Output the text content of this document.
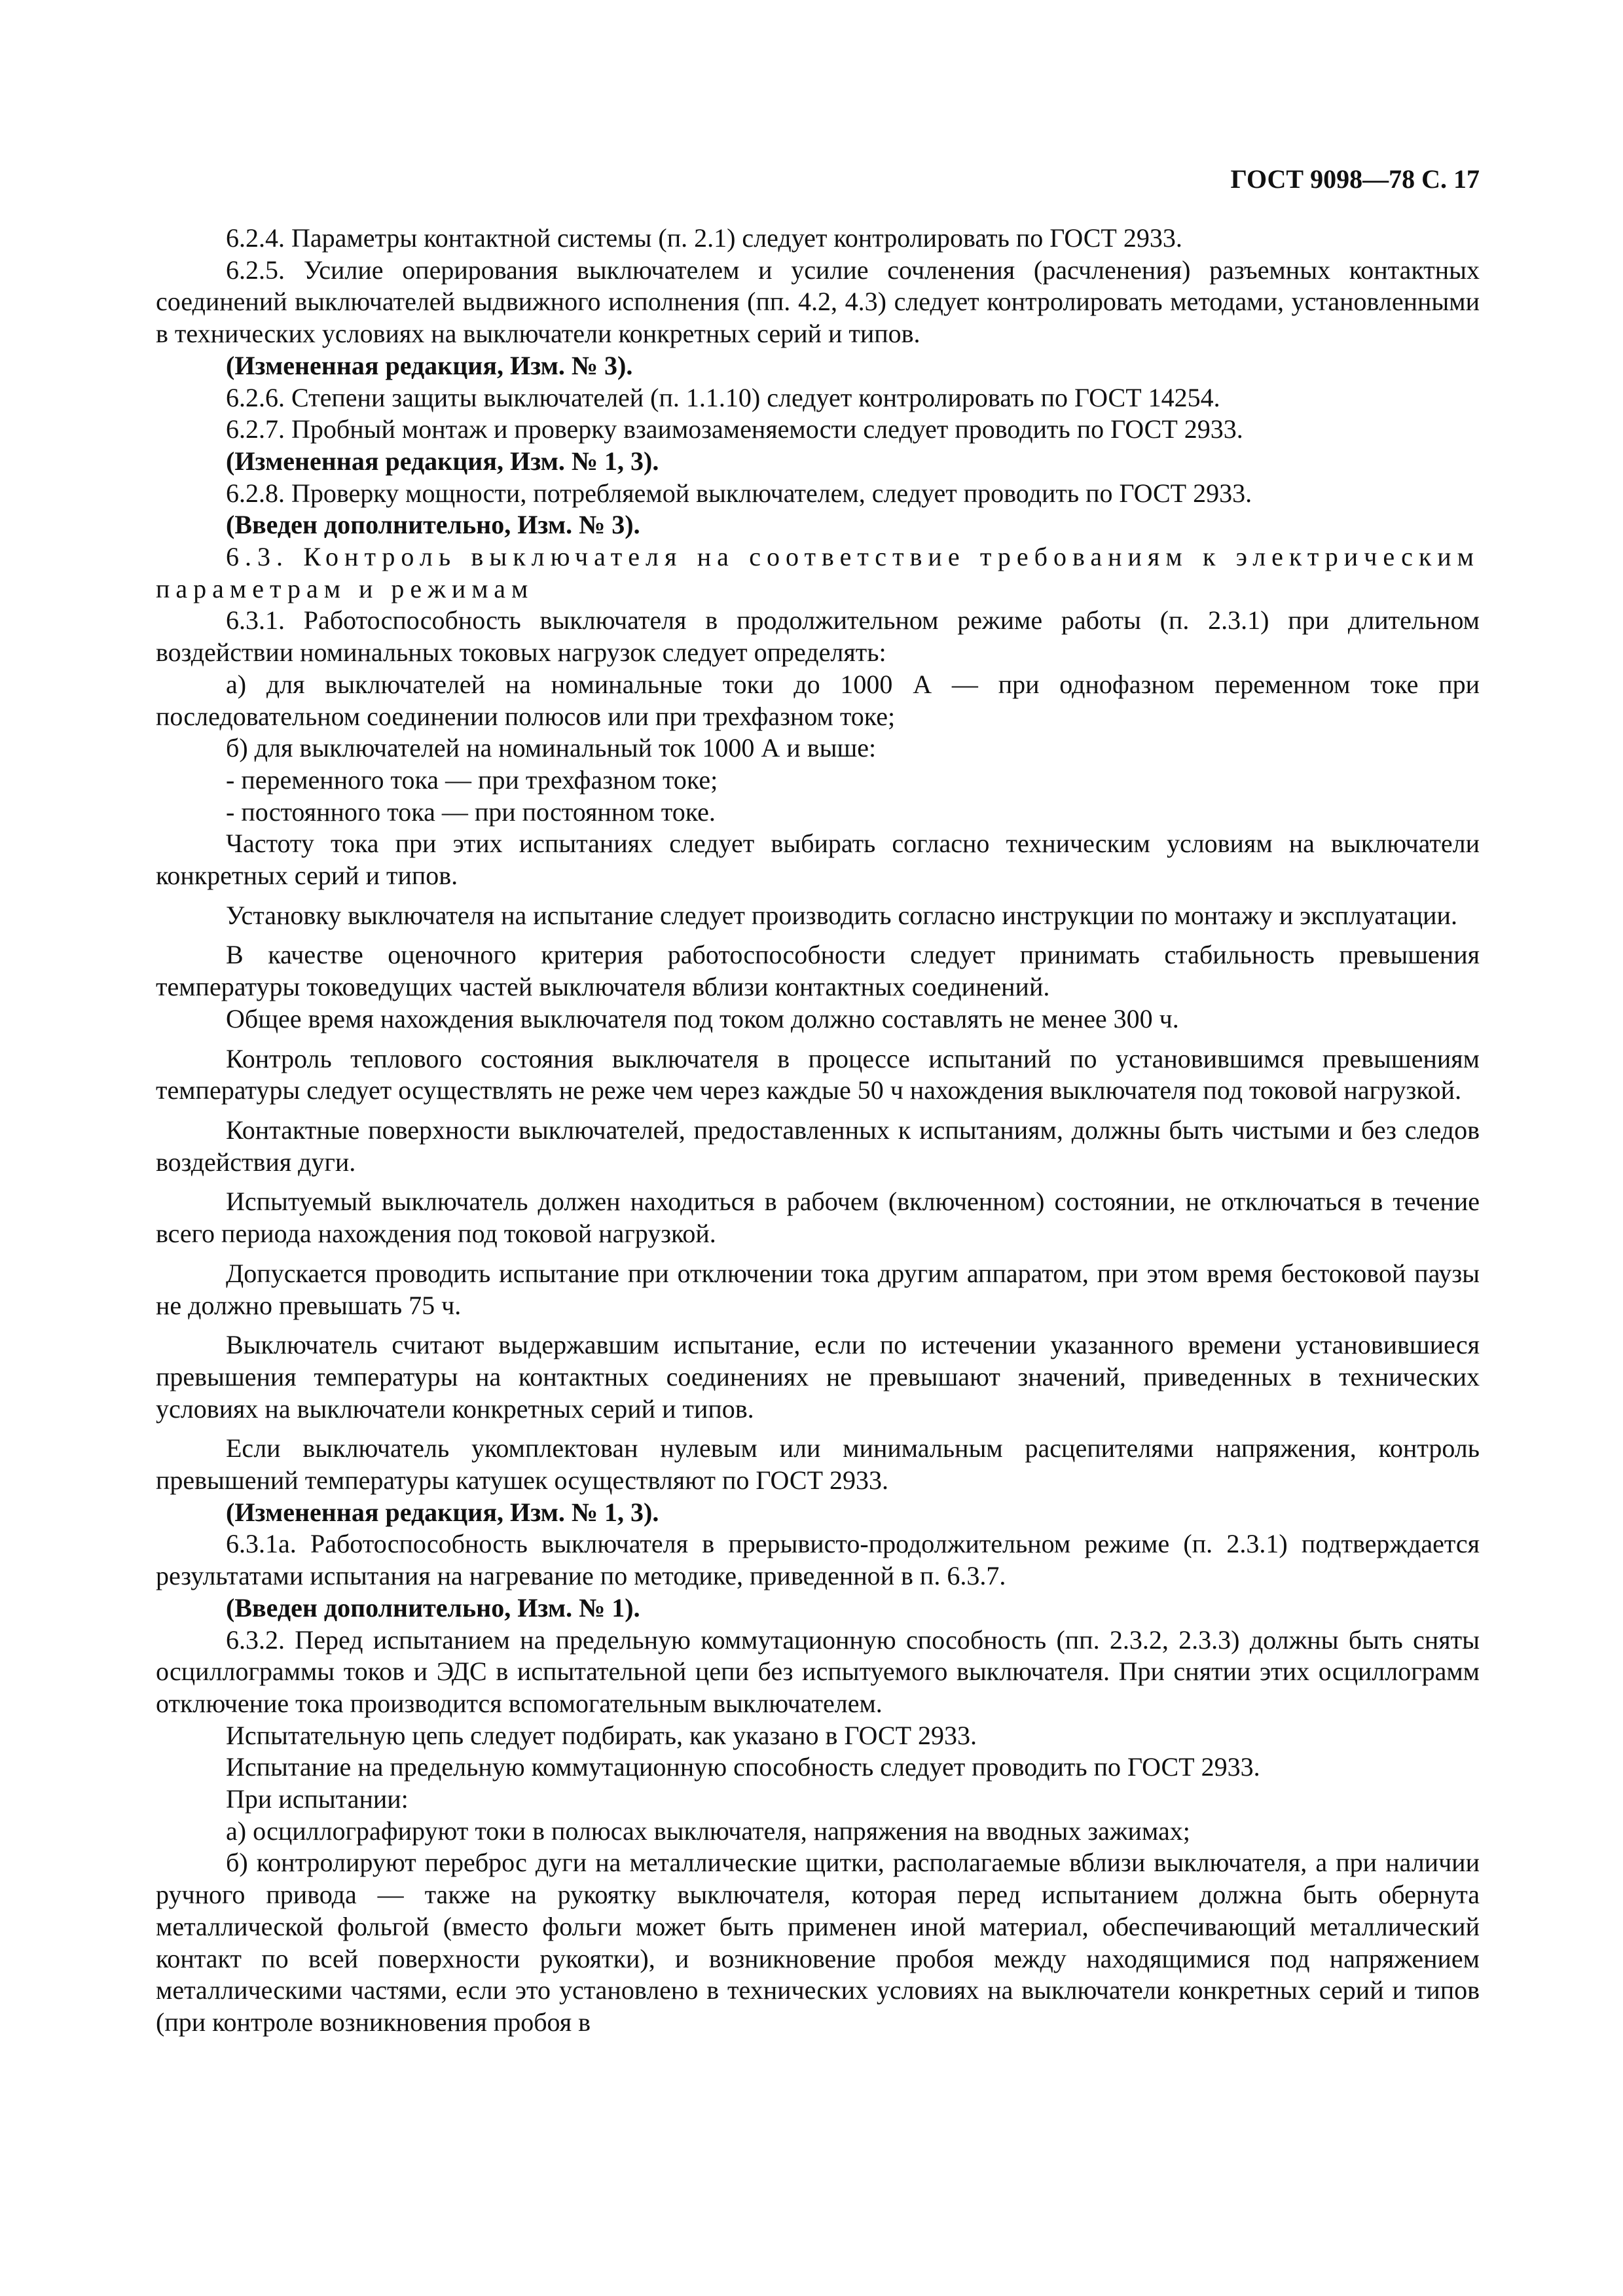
ГОСТ 9098—78 С. 17

6.2.4. Параметры контактной системы (п. 2.1) следует контролировать по ГОСТ 2933.

6.2.5. Усилие оперирования выключателем и усилие сочленения (расчленения) разъемных контактных соединений выключателей выдвижного исполнения (пп. 4.2, 4.3) следует контролировать методами, установленными в технических условиях на выключатели конкретных серий и типов.

(Измененная редакция, Изм. № 3).

6.2.6. Степени защиты выключателей (п. 1.1.10) следует контролировать по ГОСТ 14254.

6.2.7. Пробный монтаж и проверку взаимозаменяемости следует проводить по ГОСТ 2933.

(Измененная редакция, Изм. № 1, 3).

6.2.8. Проверку мощности, потребляемой выключателем, следует проводить по ГОСТ 2933.

(Введен дополнительно, Изм. № 3).

6.3. Контроль выключателя на соответствие требованиям к электрическим параметрам и режимам

6.3.1. Работоспособность выключателя в продолжительном режиме работы (п. 2.3.1) при длительном воздействии номинальных токовых нагрузок следует определять:

а) для выключателей на номинальные токи до 1000 А — при однофазном переменном токе при последовательном соединении полюсов или при трехфазном токе;

б) для выключателей на номинальный ток 1000 А и выше:

- переменного тока — при трехфазном токе;

- постоянного тока — при постоянном токе.

Частоту тока при этих испытаниях следует выбирать согласно техническим условиям на выключатели конкретных серий и типов.

Установку выключателя на испытание следует производить согласно инструкции по монтажу и эксплуатации.

В качестве оценочного критерия работоспособности следует принимать стабильность превышения температуры токоведущих частей выключателя вблизи контактных соединений.

Общее время нахождения выключателя под током должно составлять не менее 300 ч.

Контроль теплового состояния выключателя в процессе испытаний по установившимся превышениям температуры следует осуществлять не реже чем через каждые 50 ч нахождения выключателя под токовой нагрузкой.

Контактные поверхности выключателей, предоставленных к испытаниям, должны быть чистыми и без следов воздействия дуги.

Испытуемый выключатель должен находиться в рабочем (включенном) состоянии, не отключаться в течение всего периода нахождения под токовой нагрузкой.

Допускается проводить испытание при отключении тока другим аппаратом, при этом время бестоковой паузы не должно превышать 75 ч.

Выключатель считают выдержавшим испытание, если по истечении указанного времени установившиеся превышения температуры на контактных соединениях не превышают значений, приведенных в технических условиях на выключатели конкретных серий и типов.

Если выключатель укомплектован нулевым или минимальным расцепителями напряжения, контроль превышений температуры катушек осуществляют по ГОСТ 2933.

(Измененная редакция, Изм. № 1, 3).

6.3.1а. Работоспособность выключателя в прерывисто-продолжительном режиме (п. 2.3.1) подтверждается результатами испытания на нагревание по методике, приведенной в п. 6.3.7.

(Введен дополнительно, Изм. № 1).

6.3.2. Перед испытанием на предельную коммутационную способность (пп. 2.3.2, 2.3.3) должны быть сняты осциллограммы токов и ЭДС в испытательной цепи без испытуемого выключателя. При снятии этих осциллограмм отключение тока производится вспомогательным выключателем.

Испытательную цепь следует подбирать, как указано в ГОСТ 2933.

Испытание на предельную коммутационную способность следует проводить по ГОСТ 2933.

При испытании:

а) осциллографируют токи в полюсах выключателя, напряжения на вводных зажимах;

б) контролируют переброс дуги на металлические щитки, располагаемые вблизи выключателя, а при наличии ручного привода — также на рукоятку выключателя, которая перед испытанием должна быть обернута металлической фольгой (вместо фольги может быть применен иной материал, обеспечивающий металлический контакт по всей поверхности рукоятки), и возникновение пробоя между находящимися под напряжением металлическими частями, если это установлено в технических условиях на выключатели конкретных серий и типов (при контроле возникновения пробоя в
